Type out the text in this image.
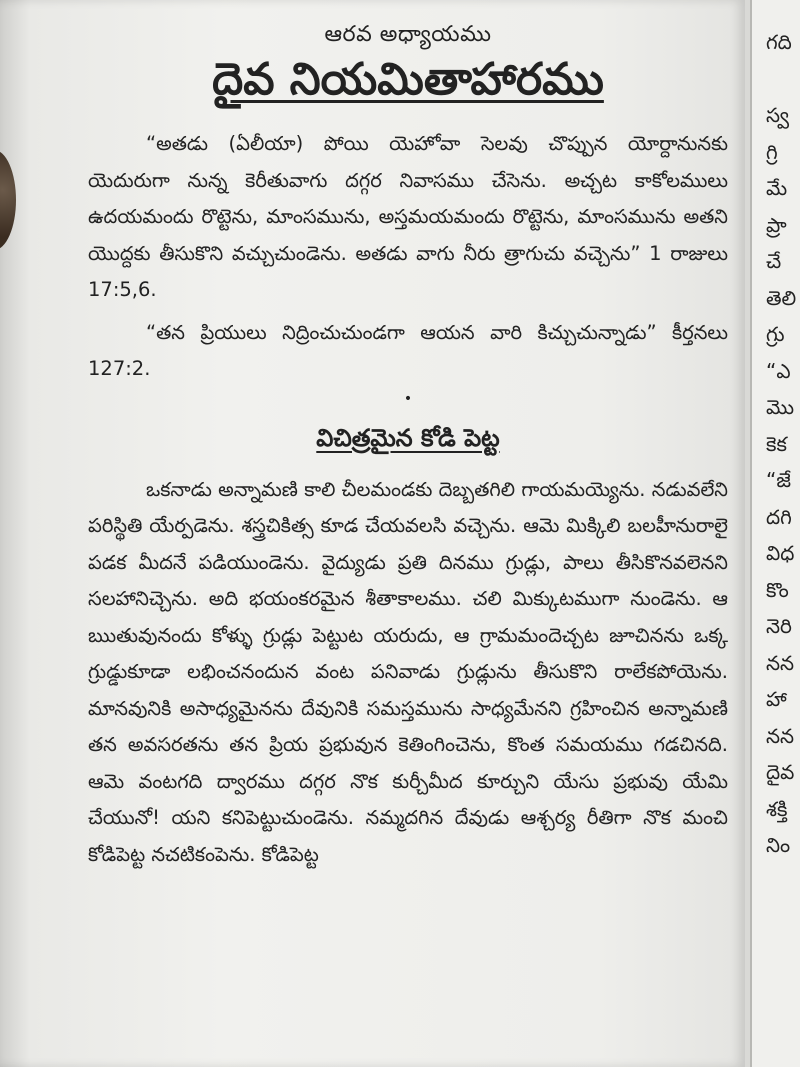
ఆరవ అధ్యాయము
దైవ నియమితాహారము

“అతడు (ఏలీయా) పోయి యెహోవా సెలవు చొప్పున యోర్దానునకు యెదురుగా నున్న కెరీతువాగు దగ్గర నివాసము చేసెను. అచ్చట కాకోలములు ఉదయమందు రొట్టెను, మాంసమును, అస్తమయమందు రొట్టెను, మాంసమును అతని యొద్దకు తీసుకొని వచ్చుచుండెను. అతడు వాగు నీరు త్రాగుచు వచ్చెను” 1 రాజులు 17:5,6.

“తన ప్రియులు నిద్రించుచుండగా ఆయన వారి కిచ్చుచున్నాడు” కీర్తనలు 127:2.

•
విచిత్రమైన కోడి పెట్ట

ఒకనాడు అన్నామణి కాలి చీలమండకు దెబ్బతగిలి గాయమయ్యెను. నడువలేని పరిస్థితి యేర్పడెను. శస్త్రచికిత్స కూడ చేయవలసి వచ్చెను. ఆమె మిక్కిలి బలహీనురాలై పడక మీదనే పడియుండెను. వైద్యుడు ప్రతి దినము గ్రుడ్లు, పాలు తీసికొనవలెనని సలహానిచ్చెను. అది భయంకరమైన శీతాకాలము. చలి మిక్కుటముగా నుండెను. ఆ ఋతువునందు కోళ్ళు గ్రుడ్లు పెట్టుట యరుదు, ఆ గ్రామమందెచ్చట జూచినను ఒక్క గ్రుడ్డుకూడా లభించనందున వంట పనివాడు గ్రుడ్లును తీసుకొని రాలేకపోయెను. మానవునికి అసాధ్యమైనను దేవునికి సమస్తమును సాధ్యమేనని గ్రహించిన అన్నామణి తన అవసరతను తన ప్రియ ప్రభువున కెతింగించెను, కొంత సమయము గడచినది. ఆమె వంటగది ద్వారము దగ్గర నొక కుర్చీమీద కూర్చుని యేసు ప్రభువు యేమి చేయునో! యని కనిపెట్టుచుండెను. నమ్మదగిన దేవుడు ఆశ్చర్య రీతిగా నొక మంచి కోడిపెట్ట నచటికంపెను. కోడిపెట్ట

గది

స్వ
గ్రి
మే
ప్రా
చే
తెలి
గ్రు
“ఎ
మొ
కెక
“జే
దగి
విధ
కొం
నెరి
నన
హా
నన
దైవ
శక్తి
నిం
